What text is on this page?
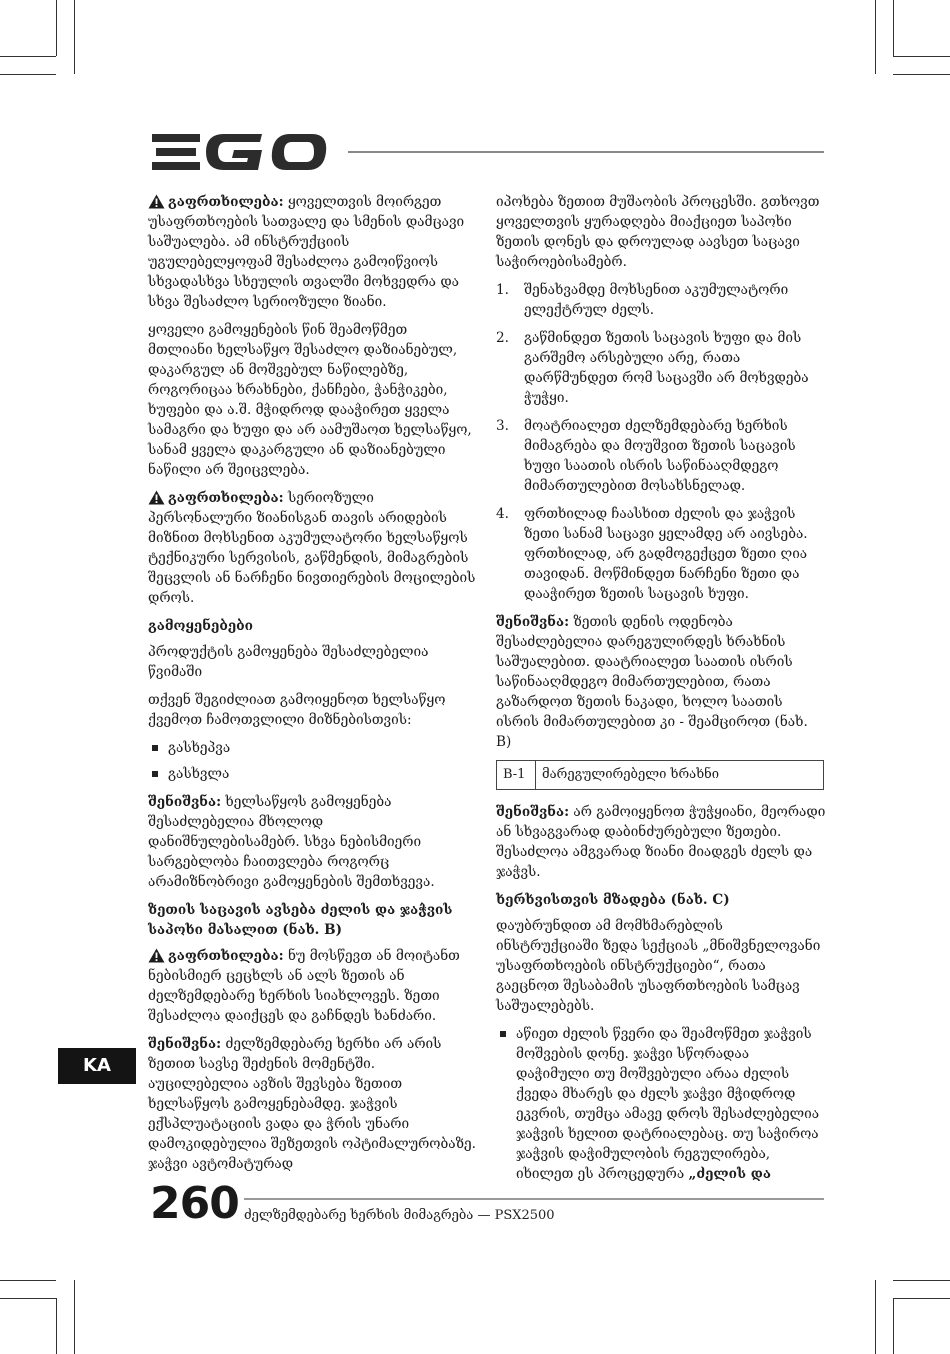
გაფრთხილება: ყოველთვის მოირგეთ უსაფრთხოების სათვალე და სმენის დამცავი საშუალება. ამ ინსტრუქციის უგულებელყოფამ შესაძლოა გამოიწვიოს სხვადასხვა სხეულის თვალში მოხვედრა და სხვა შესაძლო სერიოზული ზიანი.

ყოველი გამოყენების წინ შეამოწმეთ მთლიანი ხელსაწყო შესაძლო დაზიანებულ, დაკარგულ ან მოშვებულ ნაწილებზე, როგორიცაა ხრახნები, ქანჩები, ჭანჭიკები, ხუფები და ა.შ. მჭიდროდ დააჭირეთ ყველა სამაგრი და ხუფი და არ აამუშაოთ ხელსაწყო, სანამ ყველა დაკარგული ან დაზიანებული ნაწილი არ შეიცვლება.

გაფრთხილება: სერიოზული პერსონალური ზიანისგან თავის არიდების მიზნით მოხსენით აკუმულატორი ხელსაწყოს ტექნიკური სერვისის, გაწმენდის, მიმაგრების შეცვლის ან ნარჩენი ნივთიერების მოცილების დროს.

გამოყენებები

პროდუქტის გამოყენება შესაძლებელია წვიმაში

თქვენ შეგიძლიათ გამოიყენოთ ხელსაწყო ქვემოთ ჩამოთვლილი მიზნებისთვის:

გასხეპვა
გასხვლა

შენიშვნა: ხელსაწყოს გამოყენება შესაძლებელია მხოლოდ დანიშნულებისამებრ. სხვა ნებისმიერი სარგებლობა ჩაითვლება როგორც არამიზნობრივი გამოყენების შემთხვევა.

ზეთის საცავის ავსება ძელის და ჯაჭვის საპოხი მასალით (ნახ. B)

გაფრთხილება: ნუ მოსწევთ ან მოიტანთ ნებისმიერ ცეცხლს ან ალს ზეთის ან ძელზემდებარე ხერხის სიახლოვეს. ზეთი შესაძლოა დაიქცეს და გაჩნდეს ხანძარი.

შენიშვნა: ძელზემდებარე ხერხი არ არის ზეთით სავსე შეძენის მომენტში. აუცილებელია ავზის შევსება ზეთით ხელსაწყოს გამოყენებამდე. ჯაჭვის ექსპლუატაციის ვადა და ჭრის უნარი დამოკიდებულია შეზეთვის ოპტიმალურობაზე. ჯაჭვი ავტომატურად

იპოხება ზეთით მუშაობის პროცესში. გთხოვთ ყოველთვის ყურადღება მიაქციეთ საპოხი ზეთის დონეს და დროულად აავსეთ საცავი საჭიროებისამებრ.

1. შენახვამდე მოხსენით აკუმულატორი ელექტრულ ძელს.
2. გაწმინდეთ ზეთის საცავის ხუფი და მის გარშემო არსებული არე, რათა დარწმუნდეთ რომ საცავში არ მოხვდება ჭუჭყი.
3. მოატრიალეთ ძელზემდებარე ხერხის მიმაგრება და მოუშვით ზეთის საცავის ხუფი საათის ისრის საწინააღმდეგო მიმართულებით მოსახსნელად.
4. ფრთხილად ჩაასხით ძელის და ჯაჭვის ზეთი სანამ საცავი ყელამდე არ აივსება. ფრთხილად, არ გადმოგექცეთ ზეთი ღია თავიდან. მოწმინდეთ ნარჩენი ზეთი და დააჭირეთ ზეთის საცავის ხუფი.

შენიშვნა: ზეთის დენის ოდენობა შესაძლებელია დარეგულირდეს ხრახნის საშუალებით. დაატრიალეთ საათის ისრის საწინააღმდეგო მიმართულებით, რათა გაზარდოთ ზეთის ნაკადი, ხოლო საათის ისრის მიმართულებით კი - შეამციროთ (ნახ. B)

B-1	მარეგულირებელი ხრახნი

შენიშვნა: არ გამოიყენოთ ჭუჭყიანი, მეორადი ან სხვაგვარად დაბინძურებული ზეთები. შესაძლოა ამგვარად ზიანი მიადგეს ძელს და ჯაჭვს.

ხერხვისთვის მზადება (ნახ. C)

დაუბრუნდით ამ მომხმარებლის ინსტრუქციაში ზედა სექციას „მნიშვნელოვანი უსაფრთხოების ინსტრუქციები“, რათა გაეცნოთ შესაბამის უსაფრთხოების სამცავ საშუალებებს.

აწიეთ ძელის წვერი და შეამოწმეთ ჯაჭვის მოშვების დონე. ჯაჭვი სწორადაა დაჭიმული თუ მოშვებული არაა ძელის ქვედა მხარეს და ძელს ჯაჭვი მჭიდროდ ეკვრის, თუმცა ამავე დროს შესაძლებელია ჯაჭვის ხელით დატრიალებაც. თუ საჭიროა ჯაჭვის დაჭიმულობის რეგულირება, იხილეთ ეს პროცედურა „ძელის და
KA
260 ძელზემდებარე ხერხის მიმაგრება — PSX2500
